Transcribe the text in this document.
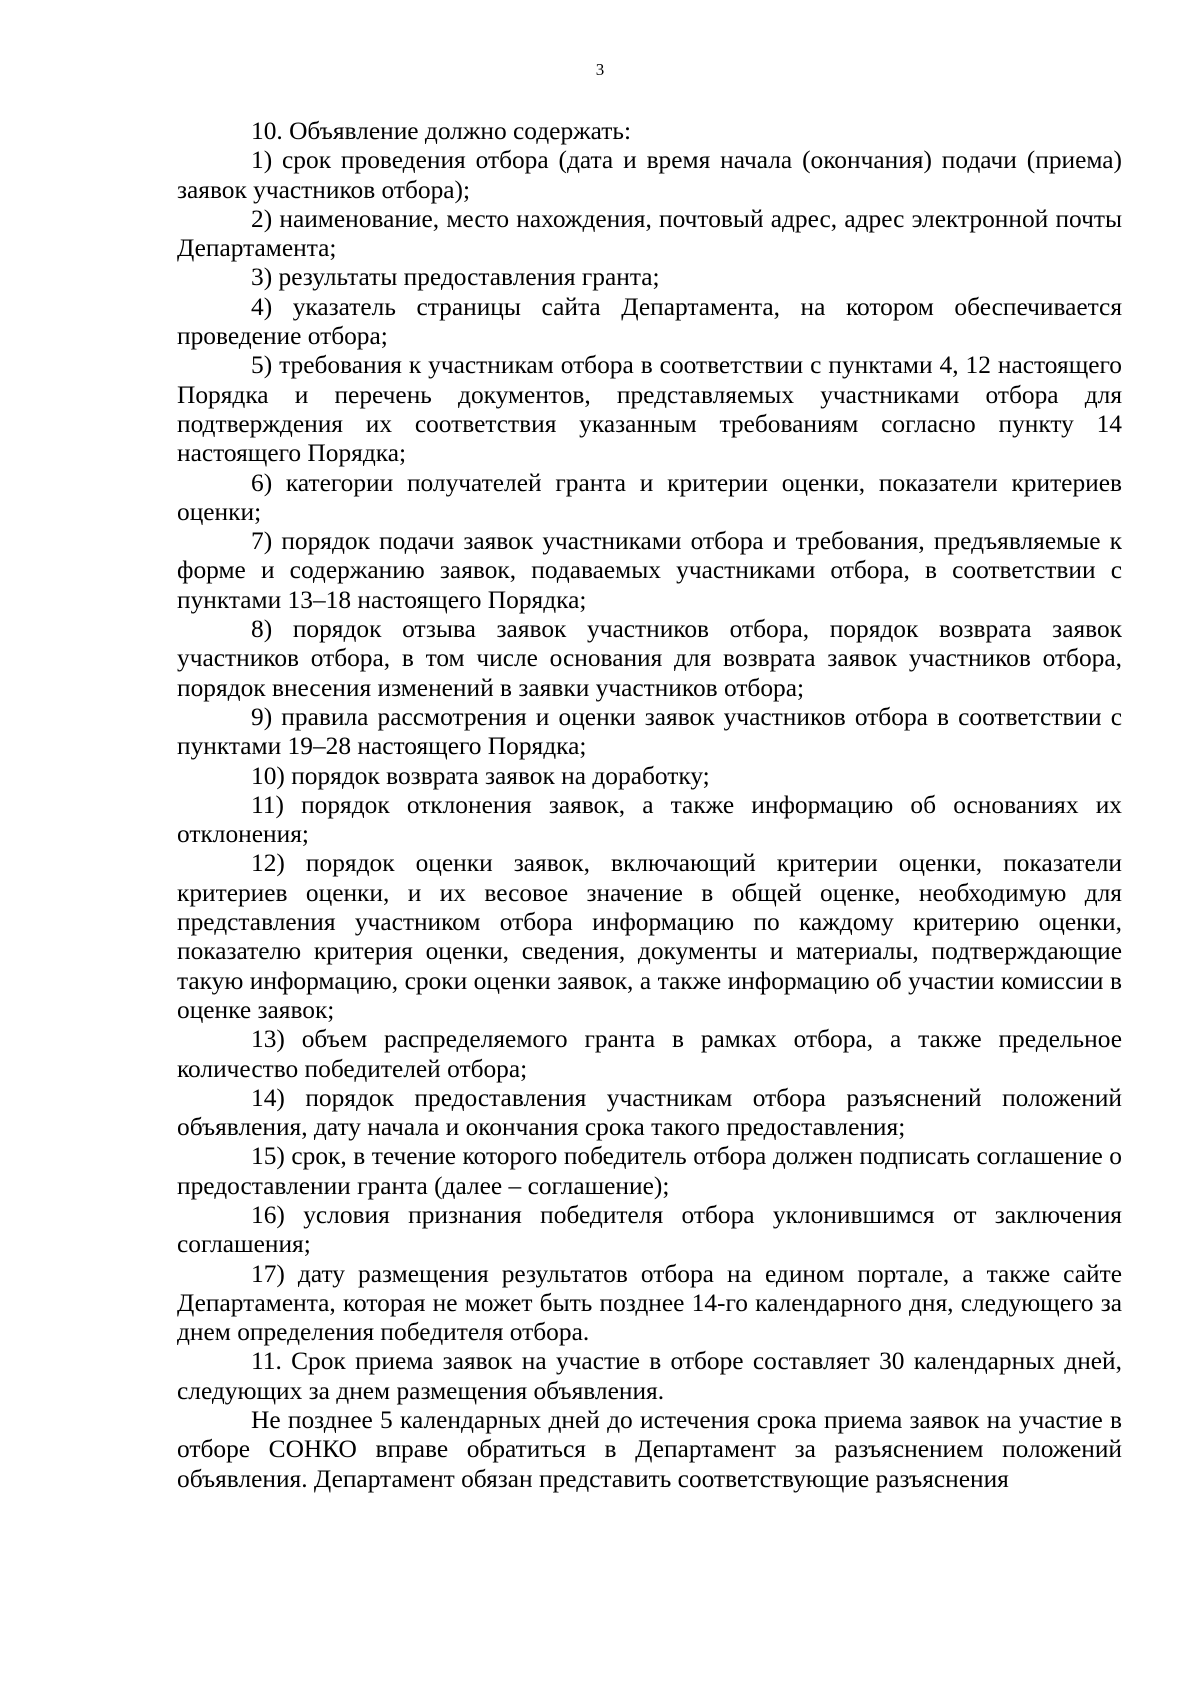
3

10. Объявление должно содержать:

1) срок проведения отбора (дата и время начала (окончания) подачи (приема) заявок участников отбора);

2) наименование, место нахождения, почтовый адрес, адрес электронной почты Департамента;

3) результаты предоставления гранта;

4) указатель страницы сайта Департамента, на котором обеспечивается проведение отбора;

5) требования к участникам отбора в соответствии с пунктами 4, 12 настоящего Порядка и перечень документов, представляемых участниками отбора для подтверждения их соответствия указанным требованиям согласно пункту 14 настоящего Порядка;

6) категории получателей гранта и критерии оценки, показатели критериев оценки;

7) порядок подачи заявок участниками отбора и требования, предъявляемые к форме и содержанию заявок, подаваемых участниками отбора, в соответствии с пунктами 13–18 настоящего Порядка;

8) порядок отзыва заявок участников отбора, порядок возврата заявок участников отбора, в том числе основания для возврата заявок участников отбора, порядок внесения изменений в заявки участников отбора;

9) правила рассмотрения и оценки заявок участников отбора в соответствии с пунктами 19–28 настоящего Порядка;

10) порядок возврата заявок на доработку;

11) порядок отклонения заявок, а также информацию об основаниях их отклонения;

12) порядок оценки заявок, включающий критерии оценки, показатели критериев оценки, и их весовое значение в общей оценке, необходимую для представления участником отбора информацию по каждому критерию оценки, показателю критерия оценки, сведения, документы и материалы, подтверждающие такую информацию, сроки оценки заявок, а также информацию об участии комиссии в оценке заявок;

13) объем распределяемого гранта в рамках отбора, а также предельное количество победителей отбора;

14) порядок предоставления участникам отбора разъяснений положений объявления, дату начала и окончания срока такого предоставления;

15) срок, в течение которого победитель отбора должен подписать соглашение о предоставлении гранта (далее – соглашение);

16) условия признания победителя отбора уклонившимся от заключения соглашения;

17) дату размещения результатов отбора на едином портале, а также сайте Департамента, которая не может быть позднее 14-го календарного дня, следующего за днем определения победителя отбора.

11. Срок приема заявок на участие в отборе составляет 30 календарных дней, следующих за днем размещения объявления.

Не позднее 5 календарных дней до истечения срока приема заявок на участие в отборе СОНКО вправе обратиться в Департамент за разъяснением положений объявления. Департамент обязан представить соответствующие разъяснения
